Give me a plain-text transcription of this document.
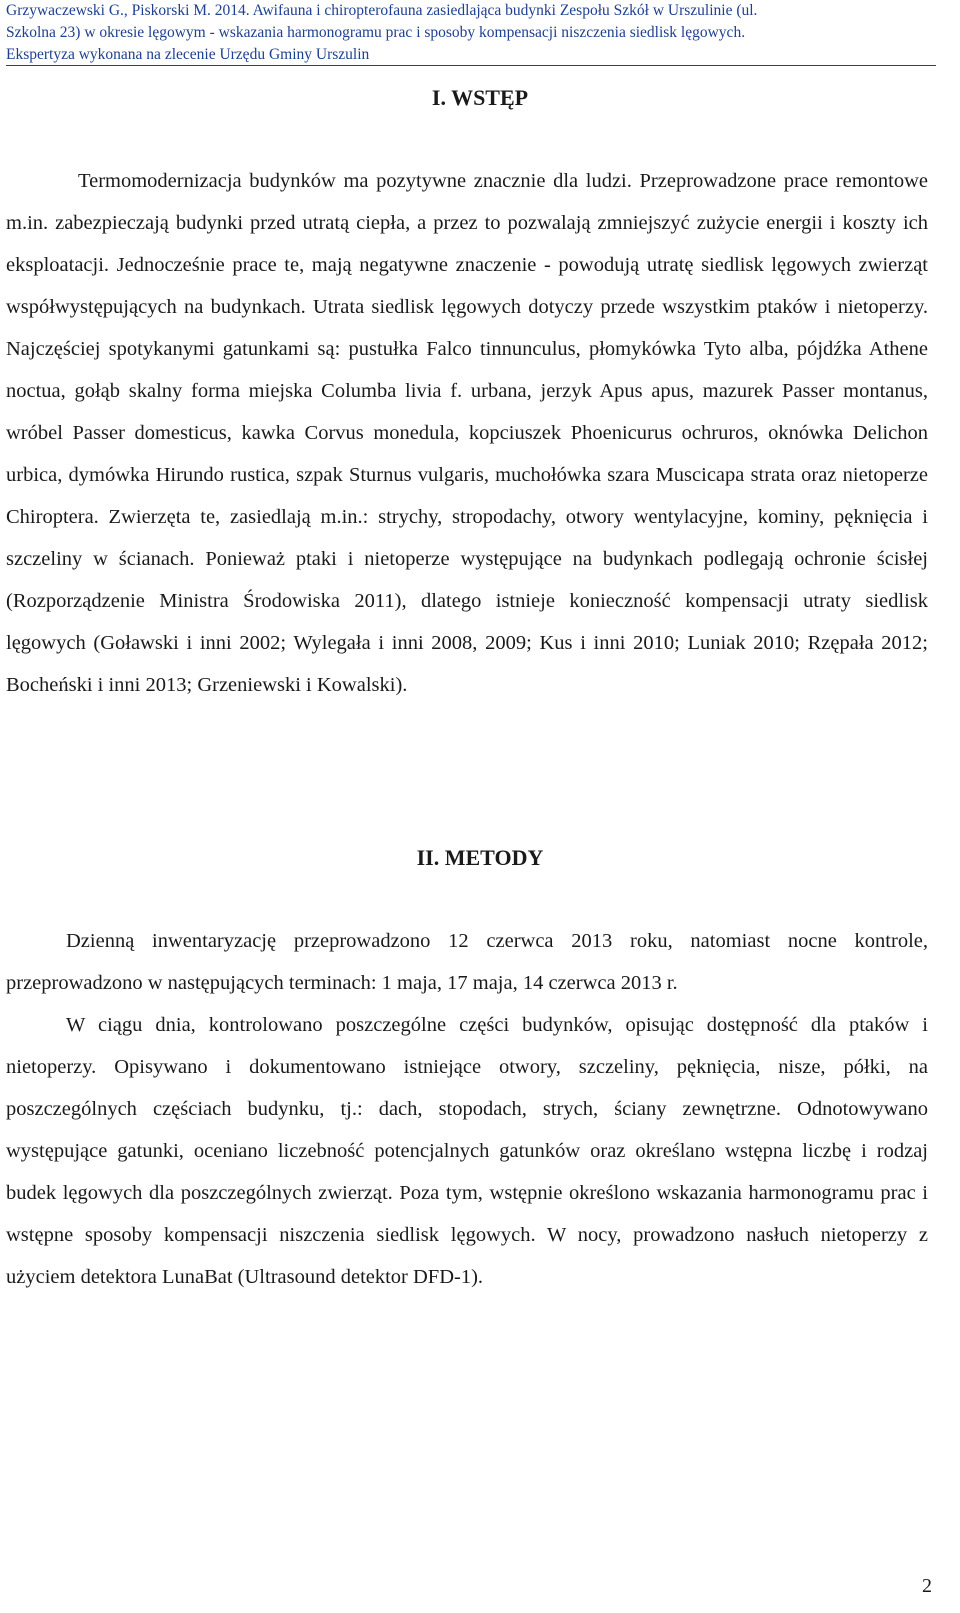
Grzywaczewski G., Piskorski M. 2014. Awifauna i chiropterofauna zasiedlająca budynki Zespołu Szkół w Urszulinie (ul.
Szkolna 23) w okresie lęgowym - wskazania harmonogramu prac i sposoby kompensacji niszczenia siedlisk lęgowych.
Ekspertyza wykonana na zlecenie Urzędu Gminy Urszulin
I. WSTĘP

Termomodernizacja budynków ma pozytywne znacznie dla ludzi. Przeprowadzone prace remontowe m.in. zabezpieczają budynki przed utratą ciepła, a przez to pozwalają zmniejszyć zużycie energii i koszty ich eksploatacji. Jednocześnie prace te, mają negatywne znaczenie - powodują utratę siedlisk lęgowych zwierząt współwystępujących na budynkach. Utrata siedlisk lęgowych dotyczy przede wszystkim ptaków i nietoperzy. Najczęściej spotykanymi gatunkami są: pustułka Falco tinnunculus, płomykówka Tyto alba, pójdźka Athene noctua, gołąb skalny forma miejska Columba livia f. urbana, jerzyk Apus apus, mazurek Passer montanus, wróbel Passer domesticus, kawka Corvus monedula, kopciuszek Phoenicurus ochruros, oknówka Delichon urbica, dymówka Hirundo rustica, szpak Sturnus vulgaris, muchołówka szara Muscicapa strata oraz nietoperze Chiroptera. Zwierzęta te, zasiedlają m.in.: strychy, stropodachy, otwory wentylacyjne, kominy, pęknięcia i szczeliny w ścianach. Ponieważ ptaki i nietoperze występujące na budynkach podlegają ochronie ścisłej (Rozporządzenie Ministra Środowiska 2011), dlatego istnieje konieczność kompensacji utraty siedlisk lęgowych (Goławski i inni 2002; Wylegała i inni 2008, 2009; Kus i inni 2010; Luniak 2010; Rzępała 2012; Bocheński i inni 2013; Grzeniewski i Kowalski).

II. METODY

Dzienną inwentaryzację przeprowadzono 12 czerwca 2013 roku, natomiast nocne kontrole, przeprowadzono w następujących terminach: 1 maja, 17 maja, 14 czerwca 2013 r.

W ciągu dnia, kontrolowano poszczególne części budynków, opisując dostępność dla ptaków i nietoperzy. Opisywano i dokumentowano istniejące otwory, szczeliny, pęknięcia, nisze, półki, na poszczególnych częściach budynku, tj.: dach, stopodach, strych, ściany zewnętrzne. Odnotowywano występujące gatunki, oceniano liczebność potencjalnych gatunków oraz określano wstępna liczbę i rodzaj budek lęgowych dla poszczególnych zwierząt. Poza tym, wstępnie określono wskazania harmonogramu prac i wstępne sposoby kompensacji niszczenia siedlisk lęgowych. W nocy, prowadzono nasłuch nietoperzy z użyciem detektora LunaBat (Ultrasound detektor DFD-1).

2
